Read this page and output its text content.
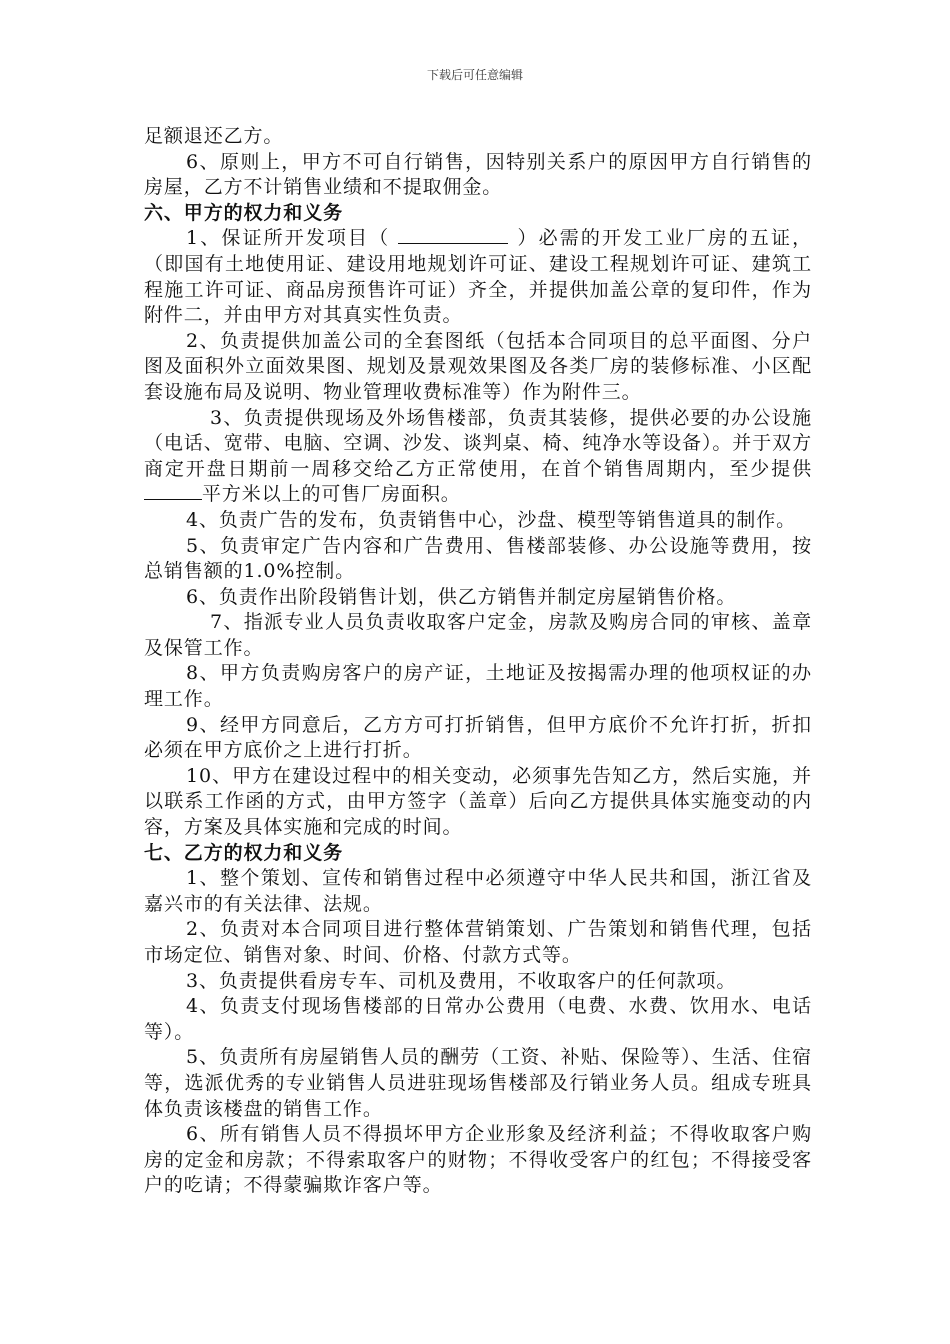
下载后可任意编辑

足额退还乙方。

6、原则上，甲方不可自行销售，因特别关系户的原因甲方自行销售的房屋，乙方不计销售业绩和不提取佣金。

六、甲方的权力和义务

1、保证所开发项目（	）必需的开发工业厂房的五证，（即国有土地使用证、建设用地规划许可证、建设工程规划许可证、建筑工程施工许可证、商品房预售许可证）齐全，并提供加盖公章的复印件，作为附件二，并由甲方对其真实性负责。

2、负责提供加盖公司的全套图纸（包括本合同项目的总平面图、分户图及面积外立面效果图、规划及景观效果图及各类厂房的装修标准、小区配套设施布局及说明、物业管理收费标准等）作为附件三。

3、负责提供现场及外场售楼部，负责其装修，提供必要的办公设施（电话、宽带、电脑、空调、沙发、谈判桌、椅、纯净水等设备）。并于双方商定开盘日期前一周移交给乙方正常使用，在首个销售周期内，至少提供平方米以上的可售厂房面积。

4、负责广告的发布，负责销售中心，沙盘、模型等销售道具的制作。

5、负责审定广告内容和广告费用、售楼部装修、办公设施等费用，按总销售额的1.0%控制。

6、负责作出阶段销售计划，供乙方销售并制定房屋销售价格。

7、指派专业人员负责收取客户定金，房款及购房合同的审核、盖章及保管工作。

8、甲方负责购房客户的房产证，土地证及按揭需办理的他项权证的办理工作。

9、经甲方同意后，乙方方可打折销售，但甲方底价不允许打折，折扣必须在甲方底价之上进行打折。

10、甲方在建设过程中的相关变动，必须事先告知乙方，然后实施，并以联系工作函的方式，由甲方签字（盖章）后向乙方提供具体实施变动的内容，方案及具体实施和完成的时间。

七、乙方的权力和义务

1、整个策划、宣传和销售过程中必须遵守中华人民共和国，浙江省及嘉兴市的有关法律、法规。

2、负责对本合同项目进行整体营销策划、广告策划和销售代理，包括市场定位、销售对象、时间、价格、付款方式等。

3、负责提供看房专车、司机及费用，不收取客户的任何款项。

4、负责支付现场售楼部的日常办公费用（电费、水费、饮用水、电话等）。

5、负责所有房屋销售人员的酬劳（工资、补贴、保险等）、生活、住宿等，选派优秀的专业销售人员进驻现场售楼部及行销业务人员。组成专班具体负责该楼盘的销售工作。

6、所有销售人员不得损坏甲方企业形象及经济利益；不得收取客户购房的定金和房款；不得索取客户的财物；不得收受客户的红包；不得接受客户的吃请；不得蒙骗欺诈客户等。
